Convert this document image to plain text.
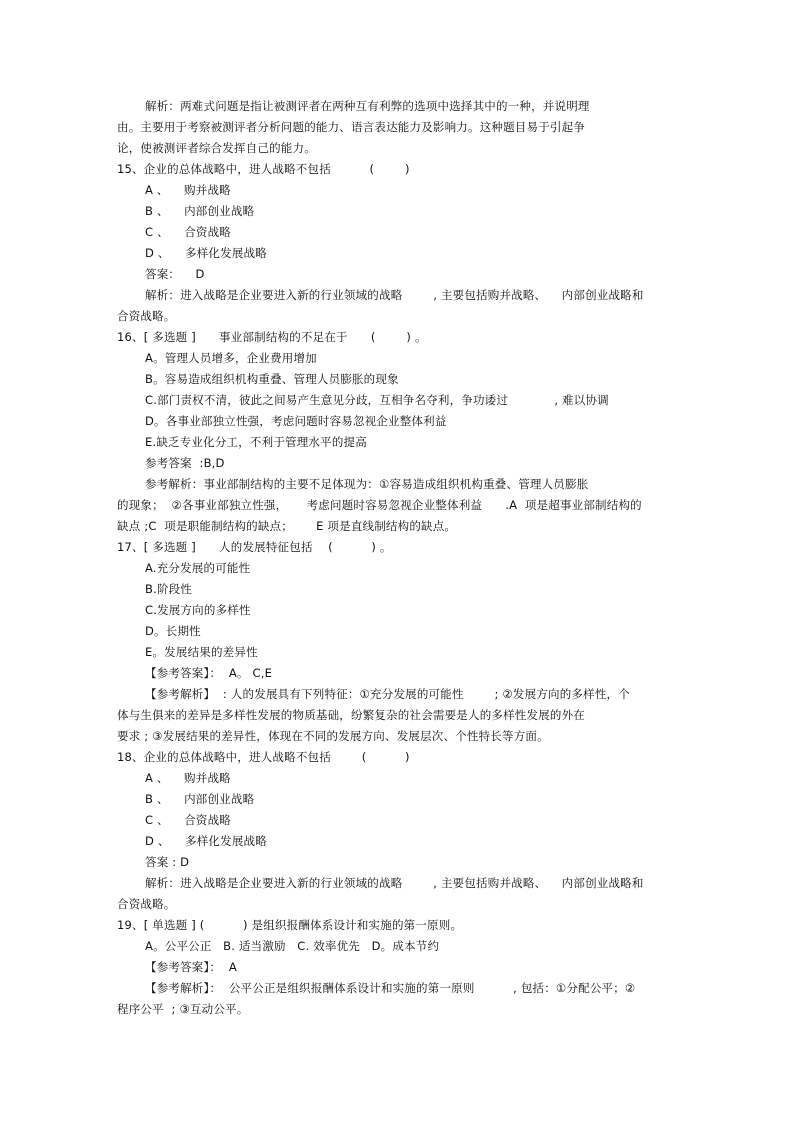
解析：两难式问题是指让被测评者在两种互有利弊的选项中选择其中的一种，并说明理
由。主要用于考察被测评者分析问题的能力、语言表达能力及影响力。这种题目易于引起争
论，使被测评者综合发挥自己的能力。
15、企业的总体战略中，进人战略不包括          (        )
A 、    购并战略
B 、    内部创业战略
C 、    合资战略
D 、    多样化发展战略
答案：    D
解析：进入战略是企业要进入新的行业领域的战略        , 主要包括购并战略、    内部创业战略和
合资战略。
16、[ 多选题 ]      事业部制结构的不足在于      (        ) 。
A。管理人员增多，企业费用增加
B。容易造成组织机构重叠、管理人员膨胀的现象
C.部门责权不清，彼此之间易产生意见分歧，互相争名夺利，争功诿过            , 难以协调
D。各事业部独立性强，考虑问题时容易忽视企业整体利益
E.缺乏专业化分工，不利于管理水平的提高
参考答案  :B,D
参考解析：事业部制结构的主要不足体现为：①容易造成组织机构重叠、管理人员膨胀
的现象；  ②各事业部独立性强，     考虑问题时容易忽视企业整体利益      .A  项是超事业部制结构的
缺点 ;C  项是职能制结构的缺点；      E 项是直线制结构的缺点。
17、[ 多选题 ]      人的发展特征包括    (          ) 。
A.充分发展的可能性
B.阶段性
C.发展方向的多样性
D。长期性
E。发展结果的差异性
【参考答案】：  A。 C,E
【参考解析】  : 人的发展具有下列特征：①充分发展的可能性        ; ②发展方向的多样性，个
体与生俱来的差异是多样性发展的物质基础，纷繁复杂的社会需要是人的多样性发展的外在
要求 ; ③发展结果的差异性，体现在不同的发展方向、发展层次、个性特长等方面。
18、企业的总体战略中，进人战略不包括        (          )
A 、    购并战略
B 、    内部创业战略
C 、    合资战略
D 、    多样化发展战略
答案 : D
解析：进入战略是企业要进入新的行业领域的战略        , 主要包括购并战略、    内部创业战略和
合资战略。
19、[ 单选题 ] (          ) 是组织报酬体系设计和实施的第一原则。
A。公平公正   B. 适当激励   C. 效率优先   D。成本节约
【参考答案】：  A
【参考解析】：  公平公正是组织报酬体系设计和实施的第一原则          , 包括：①分配公平；②
程序公平  ; ③互动公平。
